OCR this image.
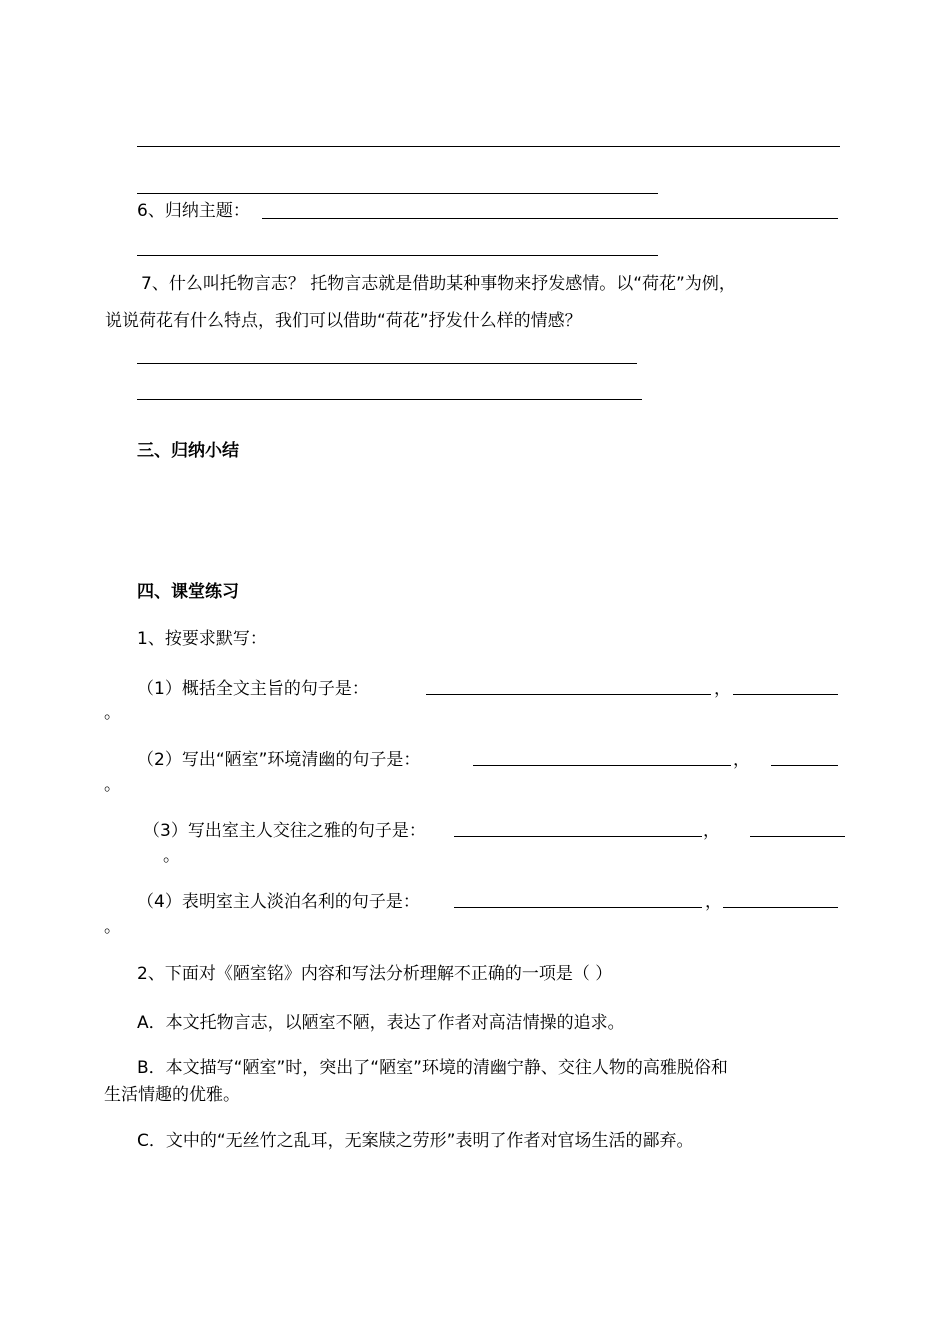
6、归纳主题：
7、什么叫托物言志？ 托物言志就是借助某种事物来抒发感情。以“荷花”为例，
说说荷花有什么特点，我们可以借助“荷花”抒发什么样的情感？
三、归纳小结
四、课堂练习
1、按要求默写：
（1）概括全文主旨的句子是：	，
。
（2）写出“陋室”环境清幽的句子是：	，
。
（3）写出室主人交往之雅的句子是：	，
。
（4）表明室主人淡泊名利的句子是：	，
。
2、下面对《陋室铭》内容和写法分析理解不正确的一项是（ ）
A．本文托物言志，以陋室不陋，表达了作者对高洁情操的追求。
B．本文描写“陋室”时，突出了“陋室”环境的清幽宁静、交往人物的高雅脱俗和
生活情趣的优雅。
C．文中的“无丝竹之乱耳，无案牍之劳形”表明了作者对官场生活的鄙弃。
